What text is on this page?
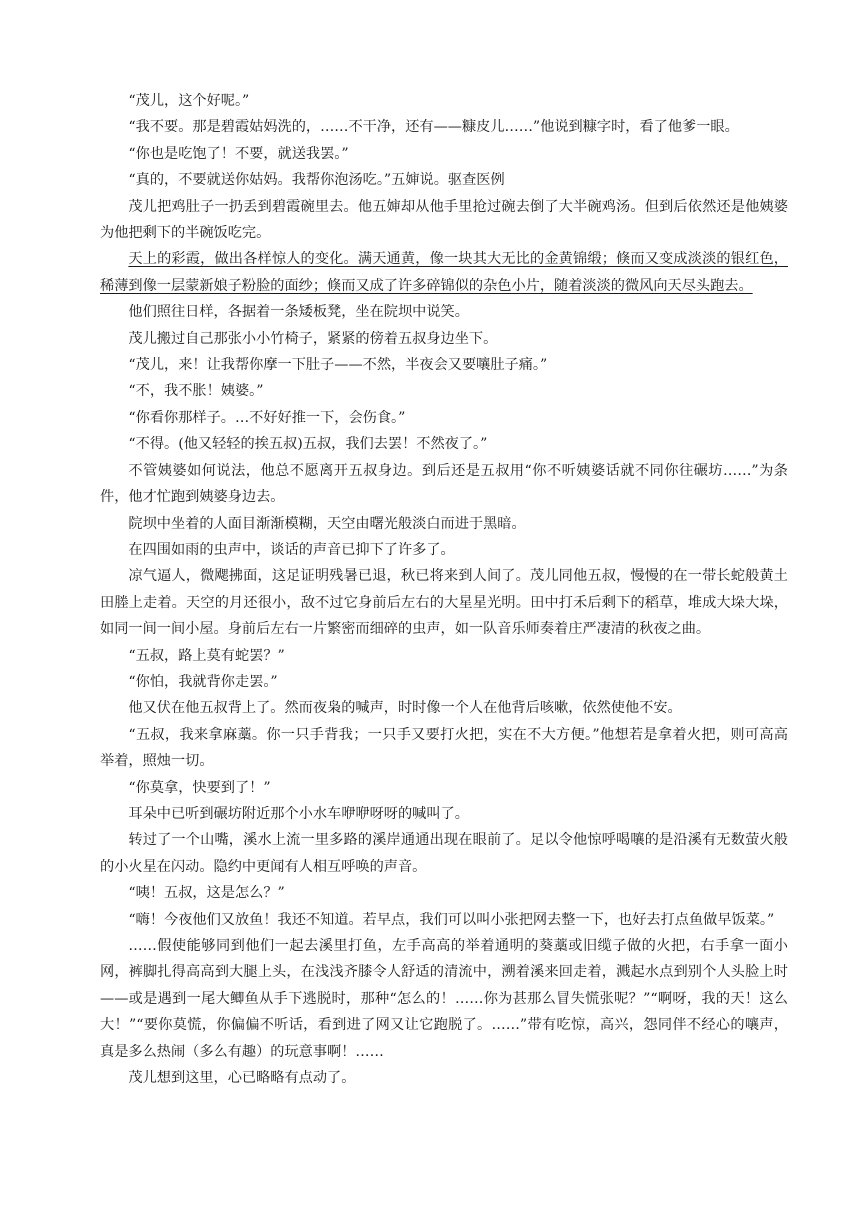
“茂儿，这个好呢。”

“我不要。那是碧霞姑妈洗的，……不干净，还有——糠皮儿……”他说到糠字时，看了他爹一眼。

“你也是吃饱了！不要，就送我罢。”

“真的，不要就送你姑妈。我帮你泡汤吃。”五婶说。驱查医例

茂儿把鸡肚子一扔丢到碧霞碗里去。他五婶却从他手里抢过碗去倒了大半碗鸡汤。但到后依然还是他姨婆为他把剩下的半碗饭吃完。

天上的彩霞，做出各样惊人的变化。满天通黄，像一块其大无比的金黄锦缎；倏而又变成淡淡的银红色，稀薄到像一层蒙新娘子粉脸的面纱；倏而又成了许多碎锦似的杂色小片，随着淡淡的微风向天尽头跑去。

他们照往日样，各据着一条矮板凳，坐在院坝中说笑。

茂儿搬过自己那张小小竹椅子，紧紧的傍着五叔身边坐下。

“茂儿，来！让我帮你摩一下肚子——不然，半夜会又要嚷肚子痛。”

“不，我不胀！姨婆。”

“你看你那样子。…不好好推一下，会伤食。”

“不得。(他又轻轻的挨五叔)五叔，我们去罢！不然夜了。”

不管姨婆如何说法，他总不愿离开五叔身边。到后还是五叔用“你不听姨婆话就不同你往碾坊……”为条件，他才忙跑到姨婆身边去。

院坝中坐着的人面目渐渐模糊，天空由曙光般淡白而进于黑暗。

在四围如雨的虫声中，谈话的声音已抑下了许多了。

凉气逼人，微飔拂面，这足证明残暑已退，秋已将来到人间了。茂儿同他五叔，慢慢的在一带长蛇般黄土田塍上走着。天空的月还很小，敌不过它身前后左右的大星星光明。田中打禾后剩下的稻草，堆成大垛大垛，如同一间一间小屋。身前后左右一片繁密而细碎的虫声，如一队音乐师奏着庄严凄清的秋夜之曲。

“五叔，路上莫有蛇罢？”

“你怕，我就背你走罢。”

他又伏在他五叔背上了。然而夜枭的喊声，时时像一个人在他背后咳嗽，依然使他不安。

“五叔，我来拿麻藁。你一只手背我；一只手又要打火把，实在不大方便。”他想若是拿着火把，则可高高举着，照烛一切。

“你莫拿，快要到了！”

耳朵中已听到碾坊附近那个小水车咿咿呀呀的喊叫了。

转过了一个山嘴，溪水上流一里多路的溪岸通通出现在眼前了。足以令他惊呼喝嚷的是沿溪有无数萤火般的小火星在闪动。隐约中更闻有人相互呼唤的声音。

“咦！五叔，这是怎么？”

“嗨！今夜他们又放鱼！我还不知道。若早点，我们可以叫小张把网去整一下，也好去打点鱼做早饭菜。”

……假使能够同到他们一起去溪里打鱼，左手高高的举着通明的葵藁或旧缆子做的火把，右手拿一面小网，裤脚扎得高高到大腿上头，在浅浅齐膝令人舒适的清流中，溯着溪来回走着，溅起水点到别个人头脸上时——或是遇到一尾大鲫鱼从手下逃脱时，那种“怎么的！……你为甚那么冒失慌张呢？”“啊呀，我的天！这么大！”“要你莫慌，你偏偏不听话，看到进了网又让它跑脱了。……”带有吃惊，高兴，怨同伴不经心的嚷声，真是多么热闹（多么有趣）的玩意事啊！……

茂儿想到这里，心已略略有点动了。
